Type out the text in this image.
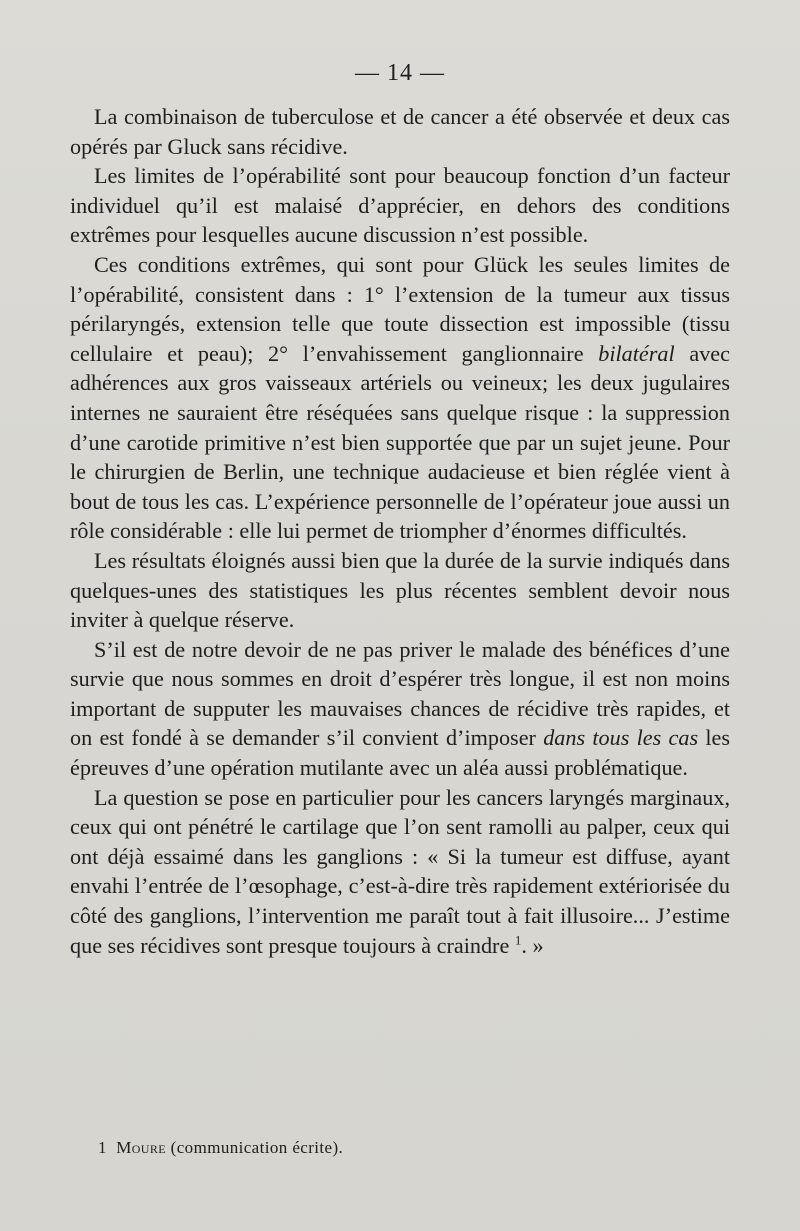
— 14 —

La combinaison de tuberculose et de cancer a été observée et deux cas opérés par Gluck sans récidive.

Les limites de l’opérabilité sont pour beaucoup fonction d’un facteur individuel qu’il est malaisé d’apprécier, en dehors des conditions extrêmes pour lesquelles aucune discussion n’est possible.

Ces conditions extrêmes, qui sont pour Glück les seules limites de l’opérabilité, consistent dans : 1° l’extension de la tumeur aux tissus périlaryngés, extension telle que toute dissection est impossible (tissu cellulaire et peau); 2° l’envahissement ganglionnaire bilatéral avec adhérences aux gros vaisseaux artériels ou veineux; les deux jugulaires internes ne sauraient être réséquées sans quelque risque : la suppression d’une carotide primitive n’est bien supportée que par un sujet jeune. Pour le chirurgien de Berlin, une technique audacieuse et bien réglée vient à bout de tous les cas. L’expérience personnelle de l’opérateur joue aussi un rôle considérable : elle lui permet de triompher d’énormes difficultés.

Les résultats éloignés aussi bien que la durée de la survie indiqués dans quelques-unes des statistiques les plus récentes semblent devoir nous inviter à quelque réserve.

S’il est de notre devoir de ne pas priver le malade des bénéfices d’une survie que nous sommes en droit d’espérer très longue, il est non moins important de supputer les mauvaises chances de récidive très rapides, et on est fondé à se demander s’il convient d’imposer dans tous les cas les épreuves d’une opération mutilante avec un aléa aussi problématique.

La question se pose en particulier pour les cancers laryngés marginaux, ceux qui ont pénétré le cartilage que l’on sent ramolli au palper, ceux qui ont déjà essaimé dans les ganglions : « Si la tumeur est diffuse, ayant envahi l’entrée de l’œsophage, c’est-à-dire très rapidement extériorisée du côté des ganglions, l’intervention me paraît tout à fait illusoire... J’estime que ses récidives sont presque toujours à craindre $^1$. »

1 Moure (communication écrite).
